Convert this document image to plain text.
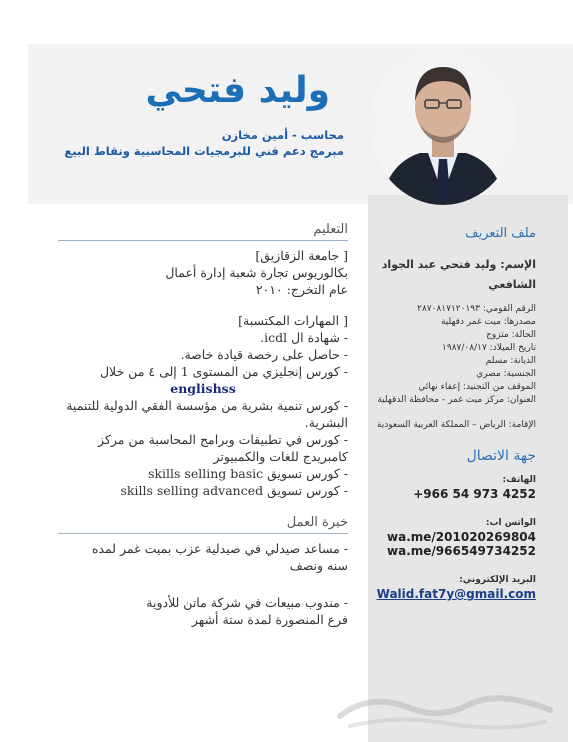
وليد فتحي
محاسب - أمين مخازن
مبرمج دعم فني للبرمجيات المحاسبية ونقاط البيع
التعليم
[ جامعة الزقازيق]
بكالوريوس تجارة شعبة إدارة أعمال
عام التخرج: ٢٠١٠
[ المهارات المكتسبة]
- شهادة ال icdl.
- حاصل على رخصة قيادة خاصة.
- كورس إنجليزي من المستوى 1 إلى ٤ من خلال
englishss
- كورس تنمية بشرية من مؤسسة الفقي الدولية للتنمية
البشرية.
- كورس في تطبيقات وبرامج المحاسبة من مركز
كامبريدج للغات والكمبيوتر
- كورس تسويق skills selling basic
- كورس تسويق skills selling advanced
خبرة العمل
- مساعد صيدلي في صيدلية عزب بميت غمر لمده
سنه ونصف
- مندوب مبيعات في شركة ماتن للأدوية
فرع المنصورة لمدة ستة أشهر
ملف التعريف
الإسم: وليد فتحي عبد الجواد الشافعي
الرقم القومي: ٢٨٧٠٨١٧١٢٠١٩٣
مصدرها: ميت غمر دقهلية
الحالة: متزوج
تاريخ الميلاد: ١٩٨٧/٠٨/١٧
الديانة: مسلم
الجنسية: مصري
الموقف من التجنيد: إعفاء نهائي
العنوان: مركز ميت غمر - محافظة الدقهلية
الإقامة: الرياض – المملكة العربية السعودية
جهة الاتصال
الهاتف:
+966 54 973 4252
الواتس اب:
wa.me/201020269804
wa.me/966549734252
البريد الإلكتروني:
Walid.fat7y@gmail.com
